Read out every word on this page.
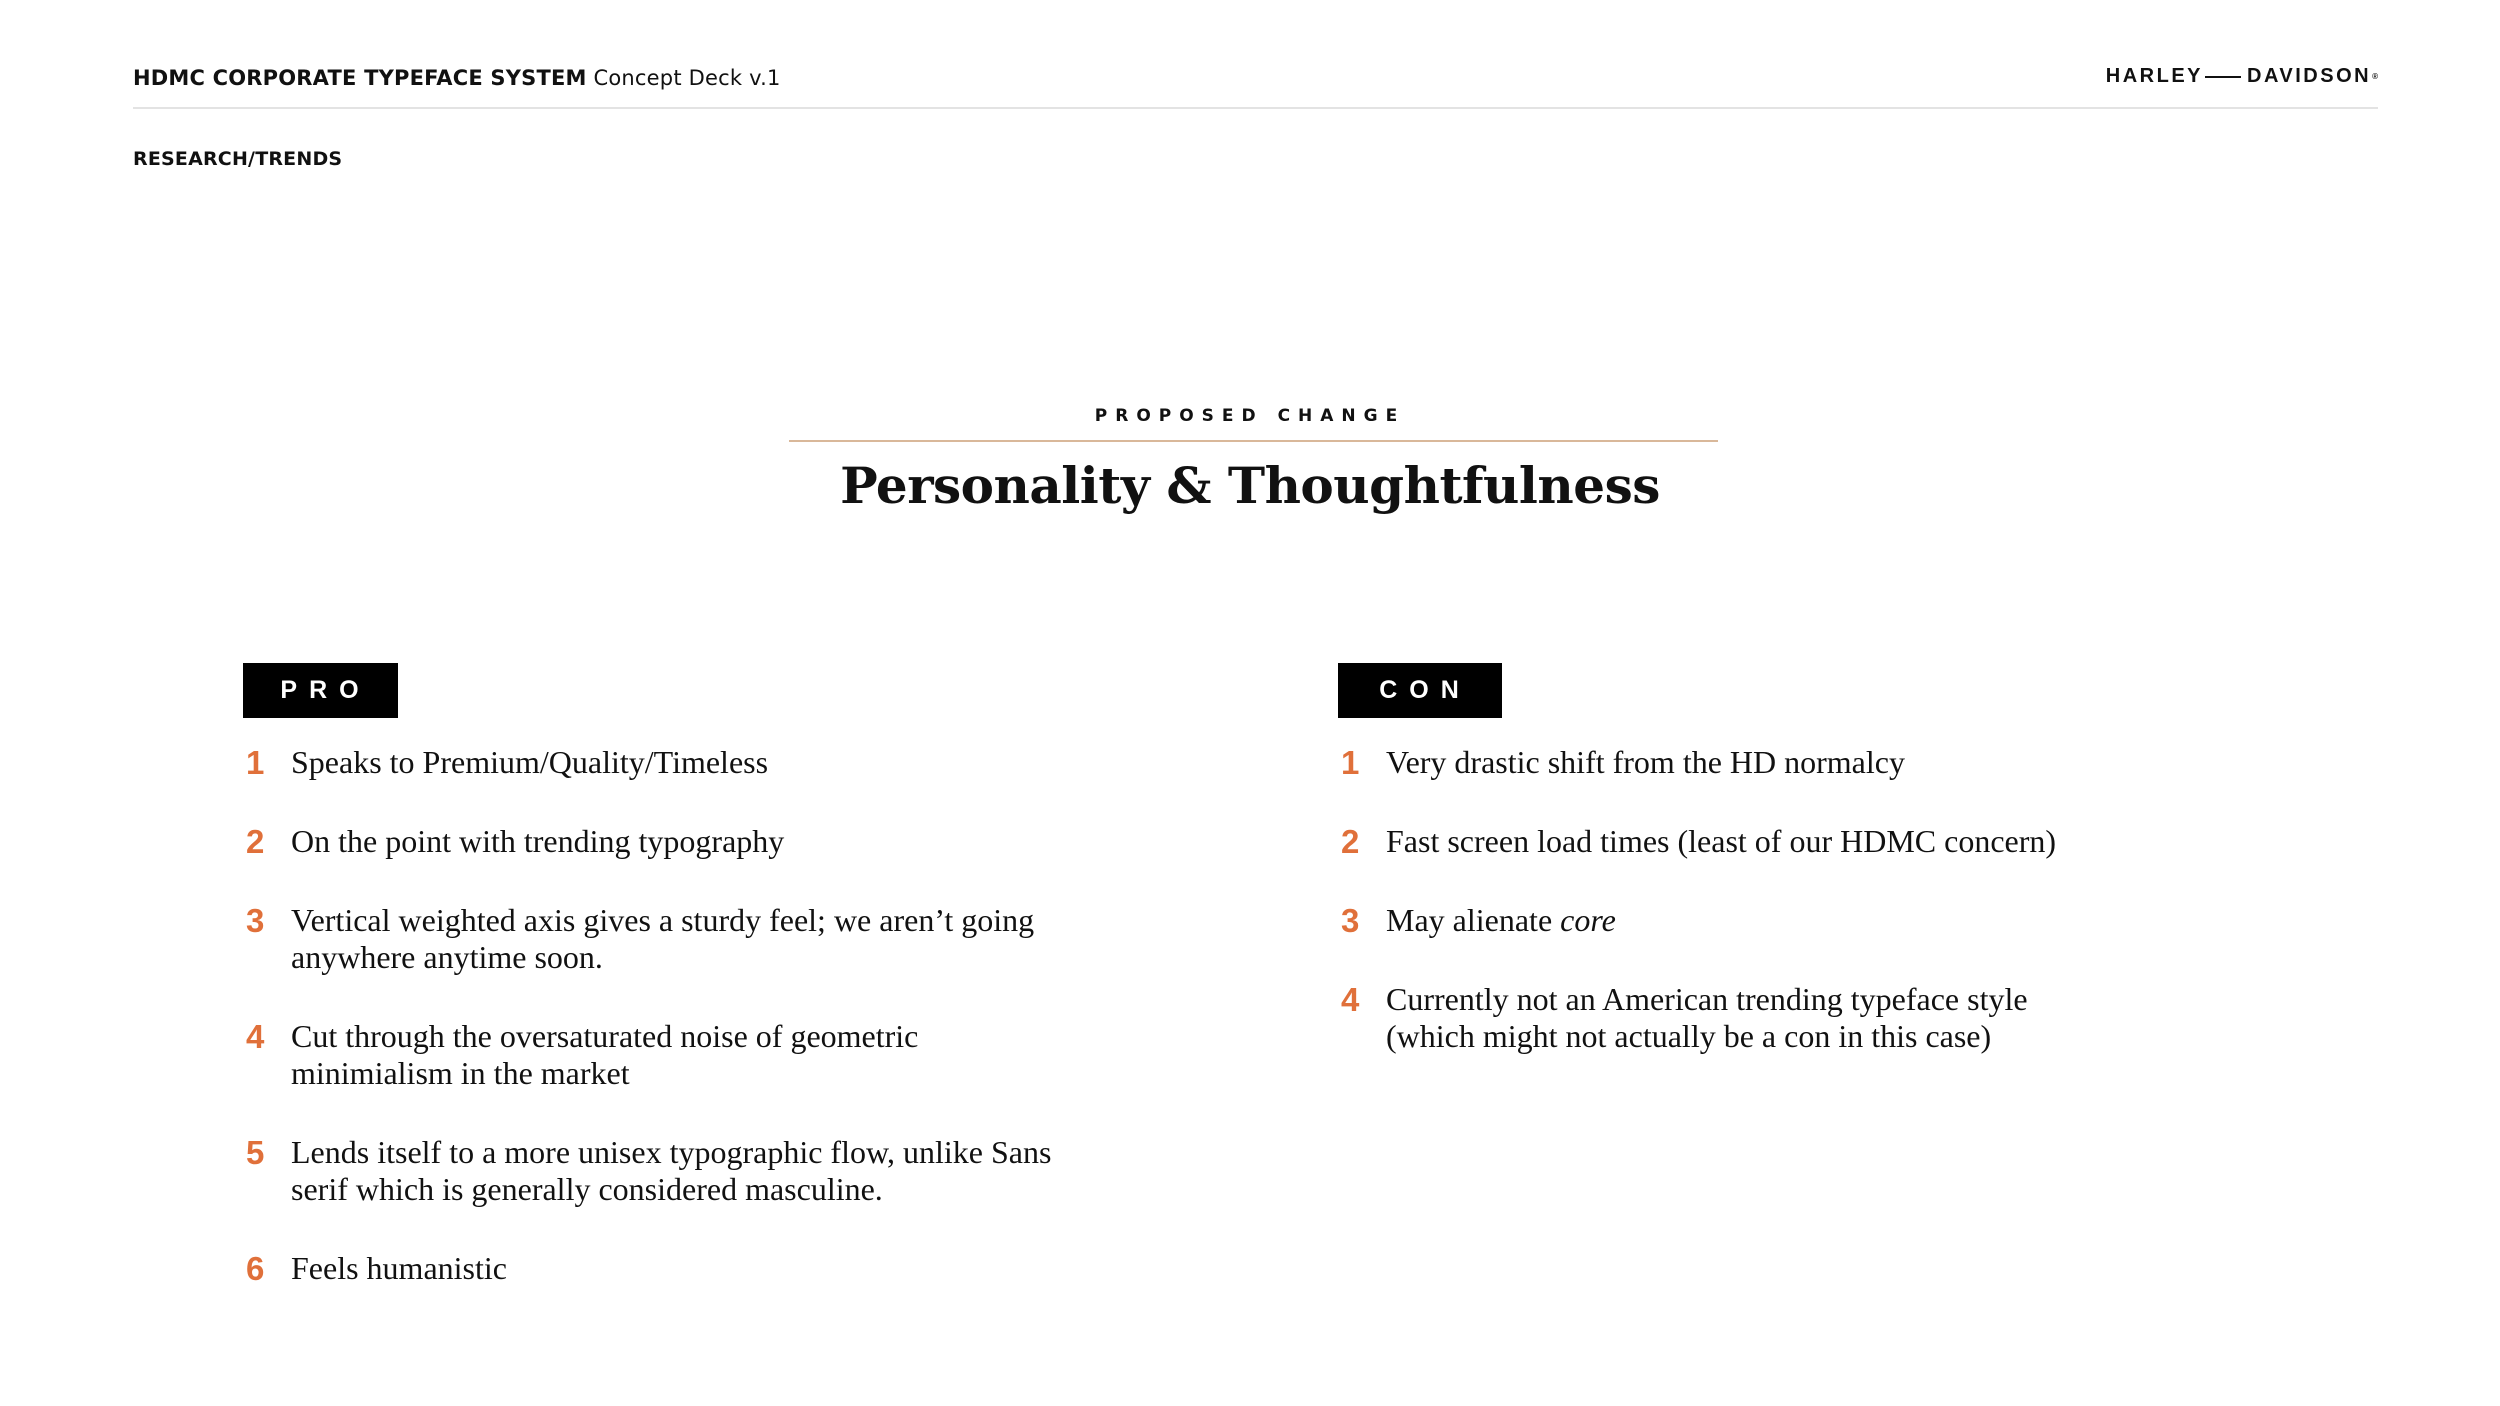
HDMC CORPORATE TYPEFACE SYSTEM Concept Deck v.1	HARLEY DAVIDSON ®
RESEARCH/TRENDS
PROPOSED CHANGE
Personality & Thoughtfulness
PRO
1 Speaks to Premium/Quality/Timeless
2 On the point with trending typography
3 Vertical weighted axis gives a sturdy feel; we aren’t going
anywhere anytime soon.
4 Cut through the oversaturated noise of geometric
minimialism in the market
5 Lends itself to a more unisex typographic flow, unlike Sans
serif which is generally considered masculine.
6 Feels humanistic
CON
1 Very drastic shift from the HD normalcy
2 Fast screen load times (least of our HDMC concern)
3 May alienate core
4 Currently not an American trending typeface style
(which might not actually be a con in this case)
